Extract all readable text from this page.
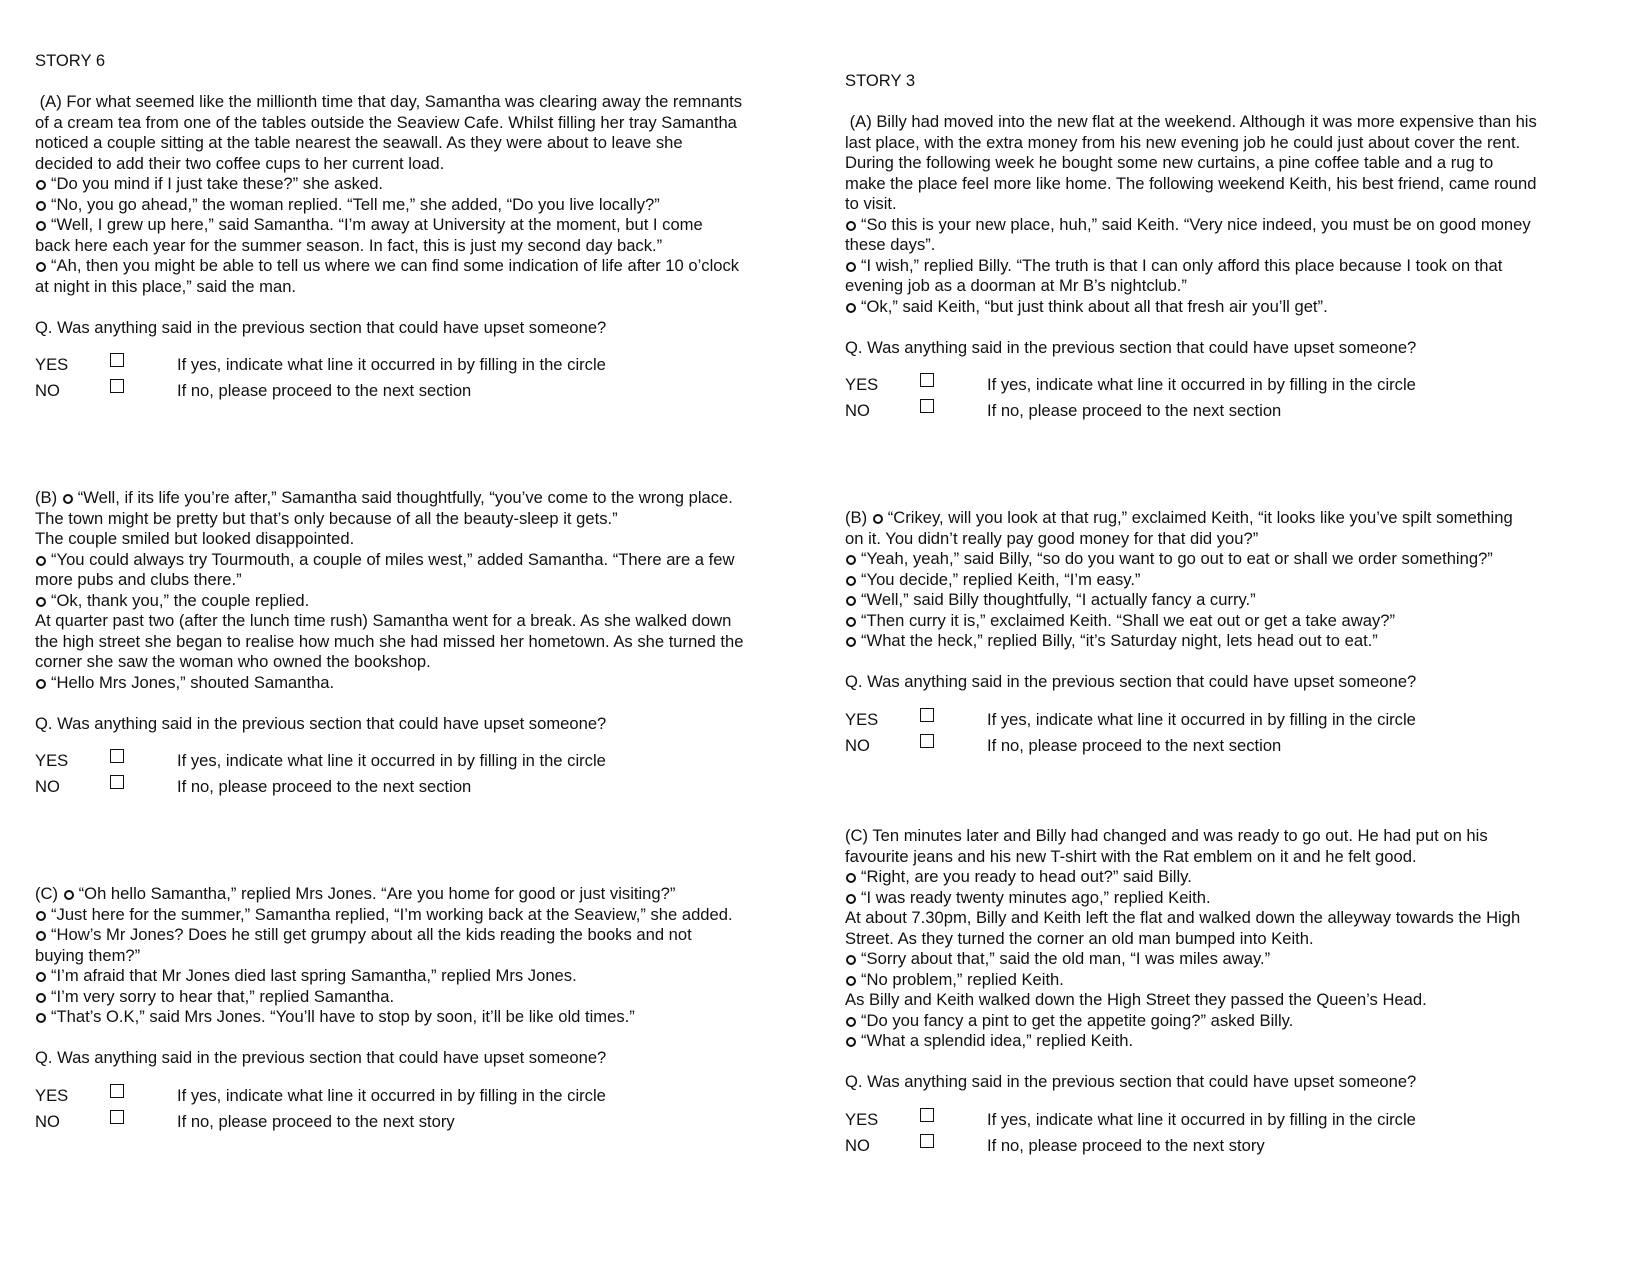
STORY 6
(A) For what seemed like the millionth time that day, Samantha was clearing away the remnants
of a cream tea from one of the tables outside the Seaview Cafe. Whilst filling her tray Samantha
noticed a couple sitting at the table nearest the seawall. As they were about to leave she
decided to add their two coffee cups to her current load.
“Do you mind if I just take these?” she asked.
“No, you go ahead,” the woman replied. “Tell me,” she added, “Do you live locally?”
“Well, I grew up here,” said Samantha. “I’m away at University at the moment, but I come
back here each year for the summer season. In fact, this is just my second day back.”
“Ah, then you might be able to tell us where we can find some indication of life after 10 o’clock
at night in this place,” said the man.
Q. Was anything said in the previous section that could have upset someone?
YES	If yes, indicate what line it occurred in by filling in the circle
NO	If no, please proceed to the next section
(B) “Well, if its life you’re after,” Samantha said thoughtfully, “you’ve come to the wrong place.
The town might be pretty but that’s only because of all the beauty-sleep it gets.”
The couple smiled but looked disappointed.
“You could always try Tourmouth, a couple of miles west,” added Samantha. “There are a few
more pubs and clubs there.”
“Ok, thank you,” the couple replied.
At quarter past two (after the lunch time rush) Samantha went for a break. As she walked down
the high street she began to realise how much she had missed her hometown. As she turned the
corner she saw the woman who owned the bookshop.
“Hello Mrs Jones,” shouted Samantha.
Q. Was anything said in the previous section that could have upset someone?
YES	If yes, indicate what line it occurred in by filling in the circle
NO	If no, please proceed to the next section
(C) “Oh hello Samantha,” replied Mrs Jones. “Are you home for good or just visiting?”
“Just here for the summer,” Samantha replied, “I’m working back at the Seaview,” she added.
“How’s Mr Jones? Does he still get grumpy about all the kids reading the books and not
buying them?”
“I’m afraid that Mr Jones died last spring Samantha,” replied Mrs Jones.
“I’m very sorry to hear that,” replied Samantha.
“That’s O.K,” said Mrs Jones. “You’ll have to stop by soon, it’ll be like old times.”
Q. Was anything said in the previous section that could have upset someone?
YES	If yes, indicate what line it occurred in by filling in the circle
NO	If no, please proceed to the next story
STORY 3
(A) Billy had moved into the new flat at the weekend. Although it was more expensive than his
last place, with the extra money from his new evening job he could just about cover the rent.
During the following week he bought some new curtains, a pine coffee table and a rug to
make the place feel more like home. The following weekend Keith, his best friend, came round
to visit.
“So this is your new place, huh,” said Keith. “Very nice indeed, you must be on good money
these days”.
“I wish,” replied Billy. “The truth is that I can only afford this place because I took on that
evening job as a doorman at Mr B’s nightclub.”
“Ok,” said Keith, “but just think about all that fresh air you’ll get”.
Q. Was anything said in the previous section that could have upset someone?
YES	If yes, indicate what line it occurred in by filling in the circle
NO	If no, please proceed to the next section
(B) “Crikey, will you look at that rug,” exclaimed Keith, “it looks like you’ve spilt something
on it. You didn’t really pay good money for that did you?”
“Yeah, yeah,” said Billy, “so do you want to go out to eat or shall we order something?”
“You decide,” replied Keith, “I’m easy.”
“Well,” said Billy thoughtfully, “I actually fancy a curry.”
“Then curry it is,” exclaimed Keith. “Shall we eat out or get a take away?”
“What the heck,” replied Billy, “it’s Saturday night, lets head out to eat.”
Q. Was anything said in the previous section that could have upset someone?
YES	If yes, indicate what line it occurred in by filling in the circle
NO	If no, please proceed to the next section
(C) Ten minutes later and Billy had changed and was ready to go out. He had put on his
favourite jeans and his new T-shirt with the Rat emblem on it and he felt good.
“Right, are you ready to head out?” said Billy.
“I was ready twenty minutes ago,” replied Keith.
At about 7.30pm, Billy and Keith left the flat and walked down the alleyway towards the High
Street. As they turned the corner an old man bumped into Keith.
“Sorry about that,” said the old man, “I was miles away.”
“No problem,” replied Keith.
As Billy and Keith walked down the High Street they passed the Queen’s Head.
“Do you fancy a pint to get the appetite going?” asked Billy.
“What a splendid idea,” replied Keith.
Q. Was anything said in the previous section that could have upset someone?
YES	If yes, indicate what line it occurred in by filling in the circle
NO	If no, please proceed to the next story
